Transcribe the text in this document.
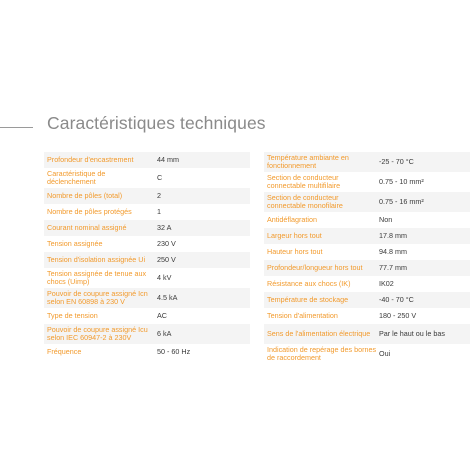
Caractéristiques techniques
Profondeur d'encastrement	44 mm
Caractéristique de déclenchement	C
Nombre de pôles (total)	2
Nombre de pôles protégés	1
Courant nominal assigné	32 A
Tension assignée	230 V
Tension d'isolation assignée Ui	250 V
Tension assignée de tenue aux chocs (Uimp)	4 kV
Pouvoir de coupure assigné Icn selon EN 60898 à 230 V	4.5 kA
Type de tension	AC
Pouvoir de coupure assigné Icu selon IEC 60947-2 à 230V	6 kA
Fréquence	50 - 60 Hz
Température ambiante en fonctionnement	-25 - 70 °C
Section de conducteur connectable multifilaire	0.75 - 10 mm²
Section de conducteur connectable monofilaire	0.75 - 16 mm²
Antidéflagration	Non
Largeur hors tout	17.8 mm
Hauteur hors tout	94.8 mm
Profondeur/longueur hors tout	77.7 mm
Résistance aux chocs (IK)	IK02
Température de stockage	-40 - 70 °C
Tension d'alimentation	180 - 250 V
Sens de l'alimentation électrique	Par le haut ou le bas
Indication de repérage des bornes de raccordement	Oui
